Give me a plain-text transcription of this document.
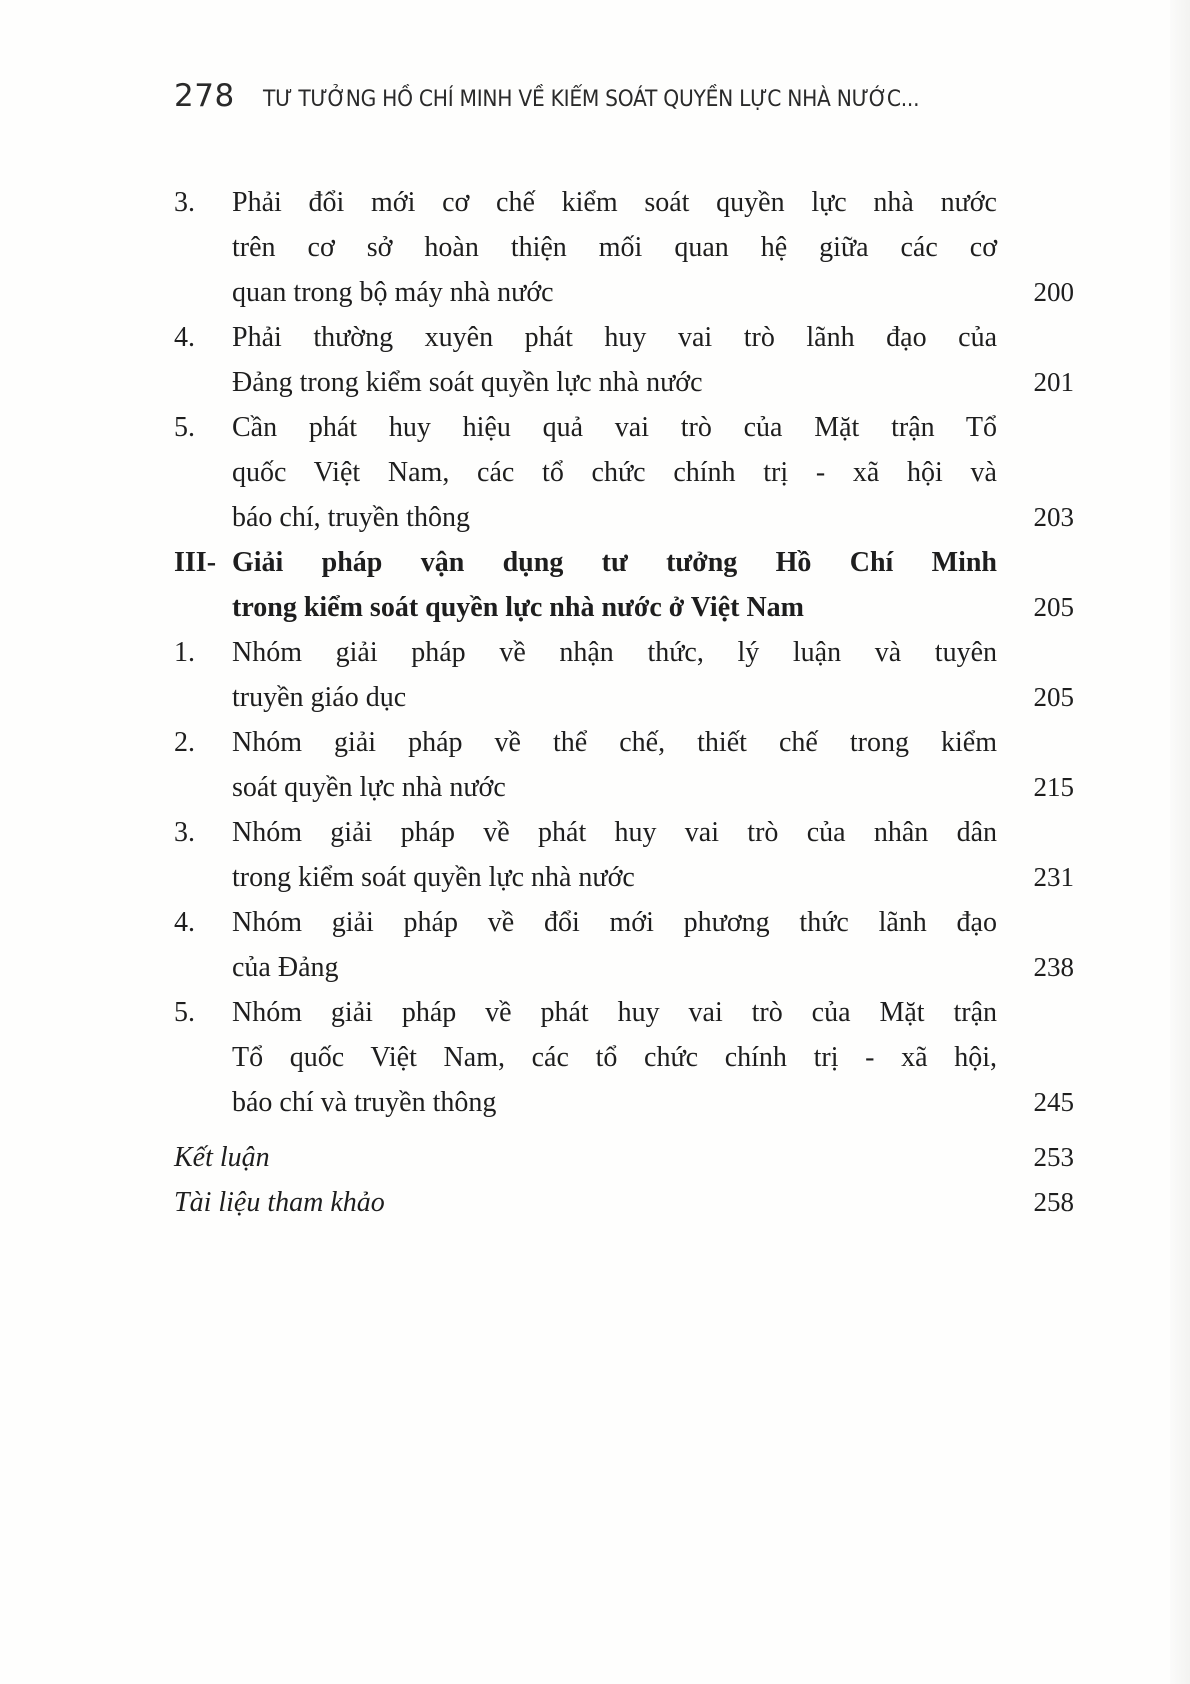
278 TƯ TƯỞNG HỒ CHÍ MINH VỀ KIỂM SOÁT QUYỀN LỰC NHÀ NƯỚC...
3.	Phải đổi mới cơ chế kiểm soát quyền lực nhà nước
trên cơ sở hoàn thiện mối quan hệ giữa các cơ
quan trong bộ máy nhà nước	200
4.	Phải thường xuyên phát huy vai trò lãnh đạo của
Đảng trong kiểm soát quyền lực nhà nước	201
5.	Cần phát huy hiệu quả vai trò của Mặt trận Tổ
quốc Việt Nam, các tổ chức chính trị - xã hội và
báo chí, truyền thông	203
III- Giải pháp vận dụng tư tưởng Hồ Chí Minh
trong kiểm soát quyền lực nhà nước ở Việt Nam	205
1.	Nhóm giải pháp về nhận thức, lý luận và tuyên
truyền giáo dục	205
2.	Nhóm giải pháp về thể chế, thiết chế trong kiểm
soát quyền lực nhà nước	215
3.	Nhóm giải pháp về phát huy vai trò của nhân dân
trong kiểm soát quyền lực nhà nước	231
4.	Nhóm giải pháp về đổi mới phương thức lãnh đạo
của Đảng	238
5.	Nhóm giải pháp về phát huy vai trò của Mặt trận
Tổ quốc Việt Nam, các tổ chức chính trị - xã hội,
báo chí và truyền thông	245
Kết luận	253
Tài liệu tham khảo	258
